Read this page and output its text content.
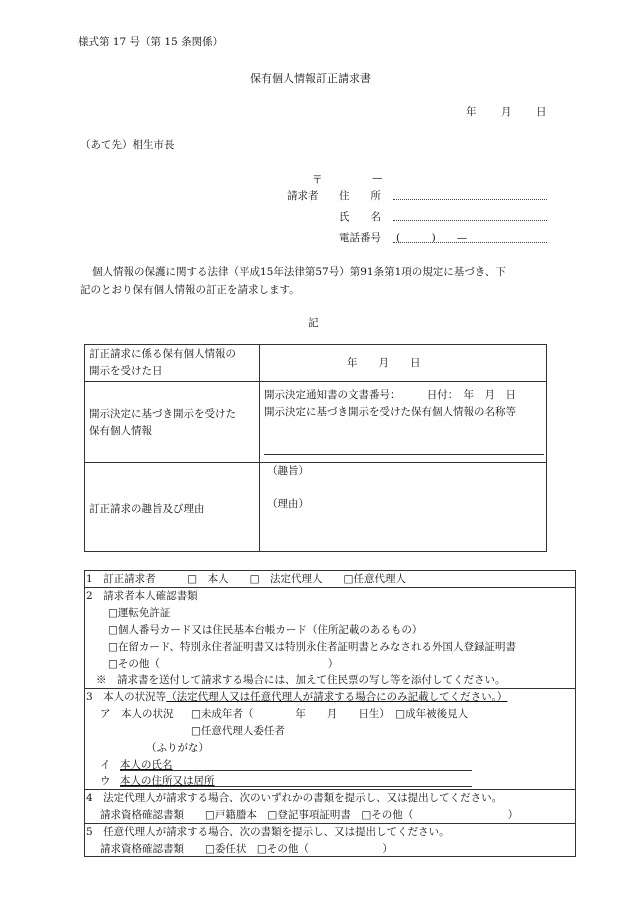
様式第 17 号（第 15 条関係）
保有個人情報訂正請求書
年 月 日
（あて先）相生市長
〒	—
請求者 住　　所
氏　　名
電話番号 (　　　)　　—
個人情報の保護に関する法律（平成15年法律第57号）第91条第1項の規定に基づき、下
記のとおり保有個人情報の訂正を請求します。
記
訂正請求に係る保有個人情報の
開示を受けた日
年　　月　　日
開示決定に基づき開示を受けた
保有個人情報
開示決定通知書の文書番号：　　　日付：　年　月　日
開示決定に基づき開示を受けた保有個人情報の名称等
訂正請求の趣旨及び理由
（趣旨）
（理由）
1　訂正請求者　　　□　本人　　□　法定代理人　　□任意代理人
2　請求者本人確認書類
□運転免許証
□個人番号カード又は住民基本台帳カード（住所記載のあるもの）
□在留カード、特別永住者証明書又は特別永住者証明書とみなされる外国人登録証明書
□その他（　　　　　　　　　　　　　　　　）
※　請求書を送付して請求する場合には、加えて住民票の写し等を添付してください。
3　本人の状況等（法定代理人又は任意代理人が請求する場合にのみ記載してください。）
ア　本人の状況 □未成年者（　　　　年　　月　　日生）　□成年被後見人
□任意代理人委任者
（ふりがな）
イ 本人の氏名
ウ 本人の住所又は居所
4　法定代理人が請求する場合、次のいずれかの書類を提示し、又は提出してください。
請求資格確認書類　　□戸籍謄本　□登記事項証明書　□その他（　　　　　　　　　）
5　任意代理人が請求する場合、次の書類を提示し、又は提出してください。
請求資格確認書類　　□委任状　□その他（　　　　　　　）
